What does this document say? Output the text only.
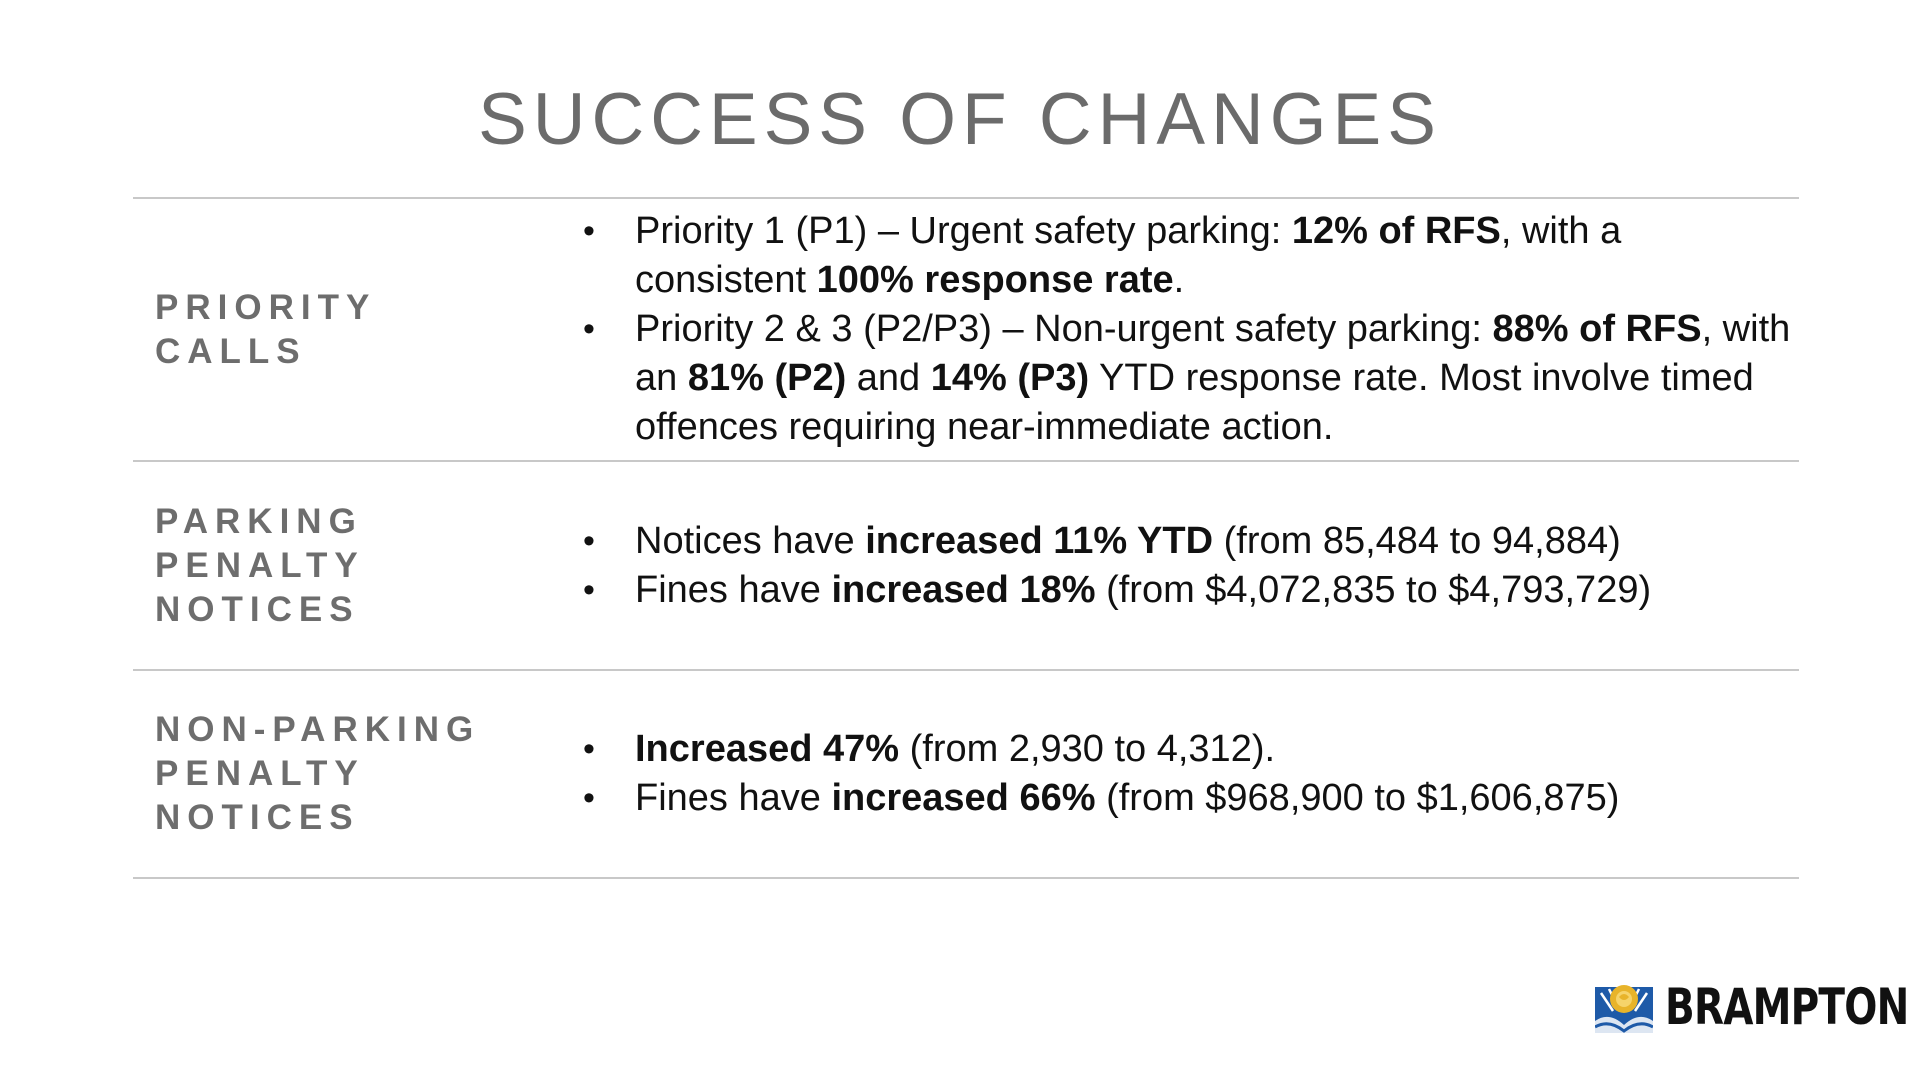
SUCCESS OF CHANGES
PRIORITY
CALLS
• Priority 1 (P1) – Urgent safety parking: 12% of RFS, with a consistent 100% response rate.
• Priority 2 & 3 (P2/P3) – Non-urgent safety parking: 88% of RFS, with an 81% (P2) and 14% (P3) YTD response rate. Most involve timed offences requiring near-immediate action.
PARKING
PENALTY
NOTICES
• Notices have increased 11% YTD (from 85,484 to 94,884)
• Fines have increased 18% (from $4,072,835 to $4,793,729)
NON-PARKING
PENALTY
NOTICES
• Increased 47% (from 2,930 to 4,312).
• Fines have increased 66% (from $968,900 to $1,606,875)
BRAMPTON
